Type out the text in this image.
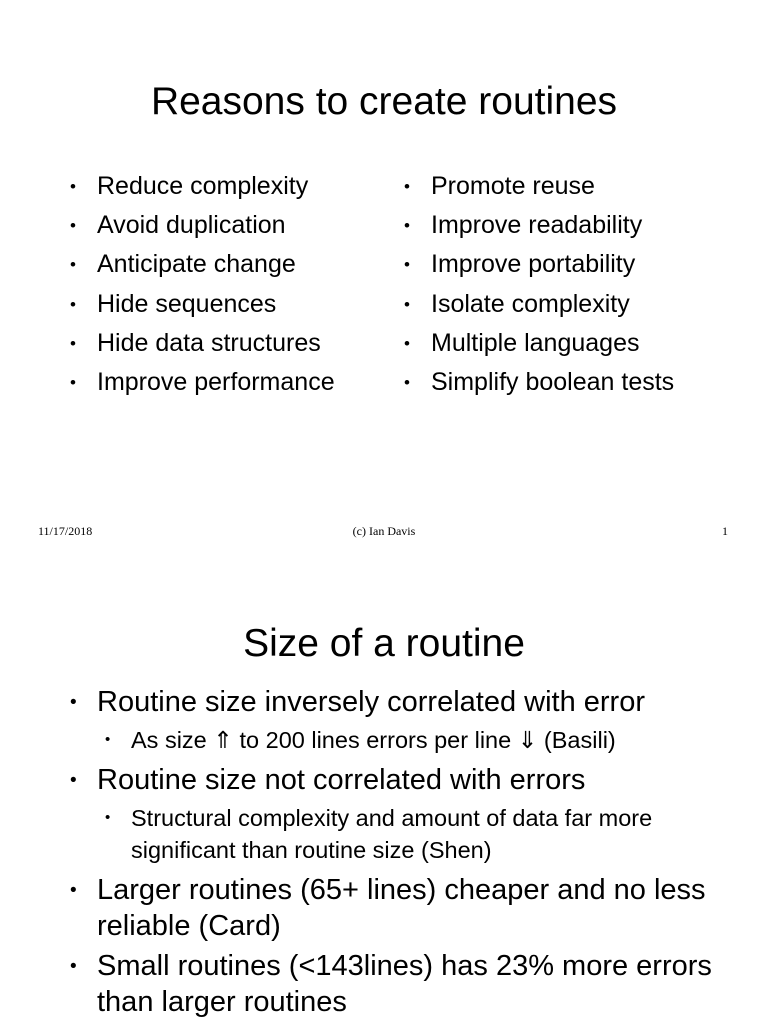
Reasons to create routines
• Reduce complexity
• Avoid duplication
• Anticipate change
• Hide sequences
• Hide data structures
• Improve performance
• Promote reuse
• Improve readability
• Improve portability
• Isolate complexity
• Multiple languages
• Simplify boolean tests
11/17/2018	(c) Ian Davis	1
Size of a routine
• Routine size inversely correlated with error
• As size ⇑ to 200 lines errors per line ⇓ (Basili)
• Routine size not correlated with errors
• Structural complexity and amount of data far more significant than routine size (Shen)
• Larger routines (65+ lines) cheaper and no less reliable (Card)
• Small routines (<143lines) has 23% more errors than larger routines
